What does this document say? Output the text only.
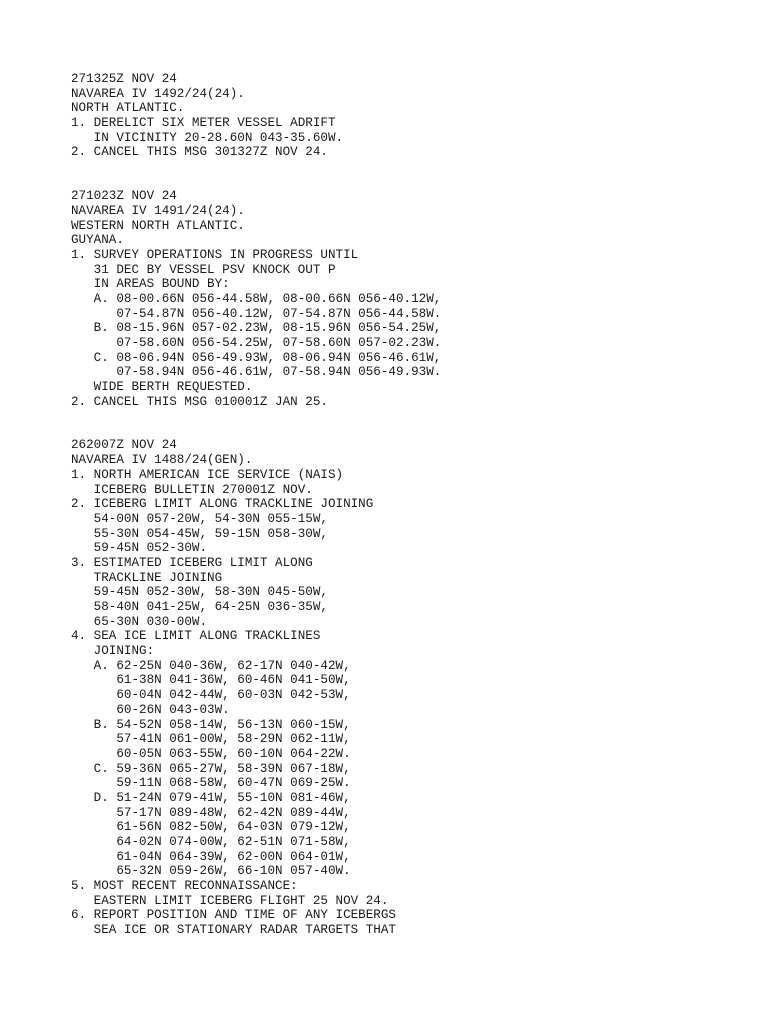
271325Z NOV 24
NAVAREA IV 1492/24(24).
NORTH ATLANTIC.
1. DERELICT SIX METER VESSEL ADRIFT
IN VICINITY 20-28.60N 043-35.60W.
2. CANCEL THIS MSG 301327Z NOV 24.
271023Z NOV 24
NAVAREA IV 1491/24(24).
WESTERN NORTH ATLANTIC.
GUYANA.
1. SURVEY OPERATIONS IN PROGRESS UNTIL
31 DEC BY VESSEL PSV KNOCK OUT P
IN AREAS BOUND BY:
A. 08-00.66N 056-44.58W, 08-00.66N 056-40.12W,
07-54.87N 056-40.12W, 07-54.87N 056-44.58W.
B. 08-15.96N 057-02.23W, 08-15.96N 056-54.25W,
07-58.60N 056-54.25W, 07-58.60N 057-02.23W.
C. 08-06.94N 056-49.93W, 08-06.94N 056-46.61W,
07-58.94N 056-46.61W, 07-58.94N 056-49.93W.
WIDE BERTH REQUESTED.
2. CANCEL THIS MSG 010001Z JAN 25.
262007Z NOV 24
NAVAREA IV 1488/24(GEN).
1. NORTH AMERICAN ICE SERVICE (NAIS)
ICEBERG BULLETIN 270001Z NOV.
2. ICEBERG LIMIT ALONG TRACKLINE JOINING
54-00N 057-20W, 54-30N 055-15W,
55-30N 054-45W, 59-15N 058-30W,
59-45N 052-30W.
3. ESTIMATED ICEBERG LIMIT ALONG
TRACKLINE JOINING
59-45N 052-30W, 58-30N 045-50W,
58-40N 041-25W, 64-25N 036-35W,
65-30N 030-00W.
4. SEA ICE LIMIT ALONG TRACKLINES
JOINING:
A. 62-25N 040-36W, 62-17N 040-42W,
61-38N 041-36W, 60-46N 041-50W,
60-04N 042-44W, 60-03N 042-53W,
60-26N 043-03W.
B. 54-52N 058-14W, 56-13N 060-15W,
57-41N 061-00W, 58-29N 062-11W,
60-05N 063-55W, 60-10N 064-22W.
C. 59-36N 065-27W, 58-39N 067-18W,
59-11N 068-58W, 60-47N 069-25W.
D. 51-24N 079-41W, 55-10N 081-46W,
57-17N 089-48W, 62-42N 089-44W,
61-56N 082-50W, 64-03N 079-12W,
64-02N 074-00W, 62-51N 071-58W,
61-04N 064-39W, 62-00N 064-01W,
65-32N 059-26W, 66-10N 057-40W.
5. MOST RECENT RECONNAISSANCE:
EASTERN LIMIT ICEBERG FLIGHT 25 NOV 24.
6. REPORT POSITION AND TIME OF ANY ICEBERGS
SEA ICE OR STATIONARY RADAR TARGETS THAT
